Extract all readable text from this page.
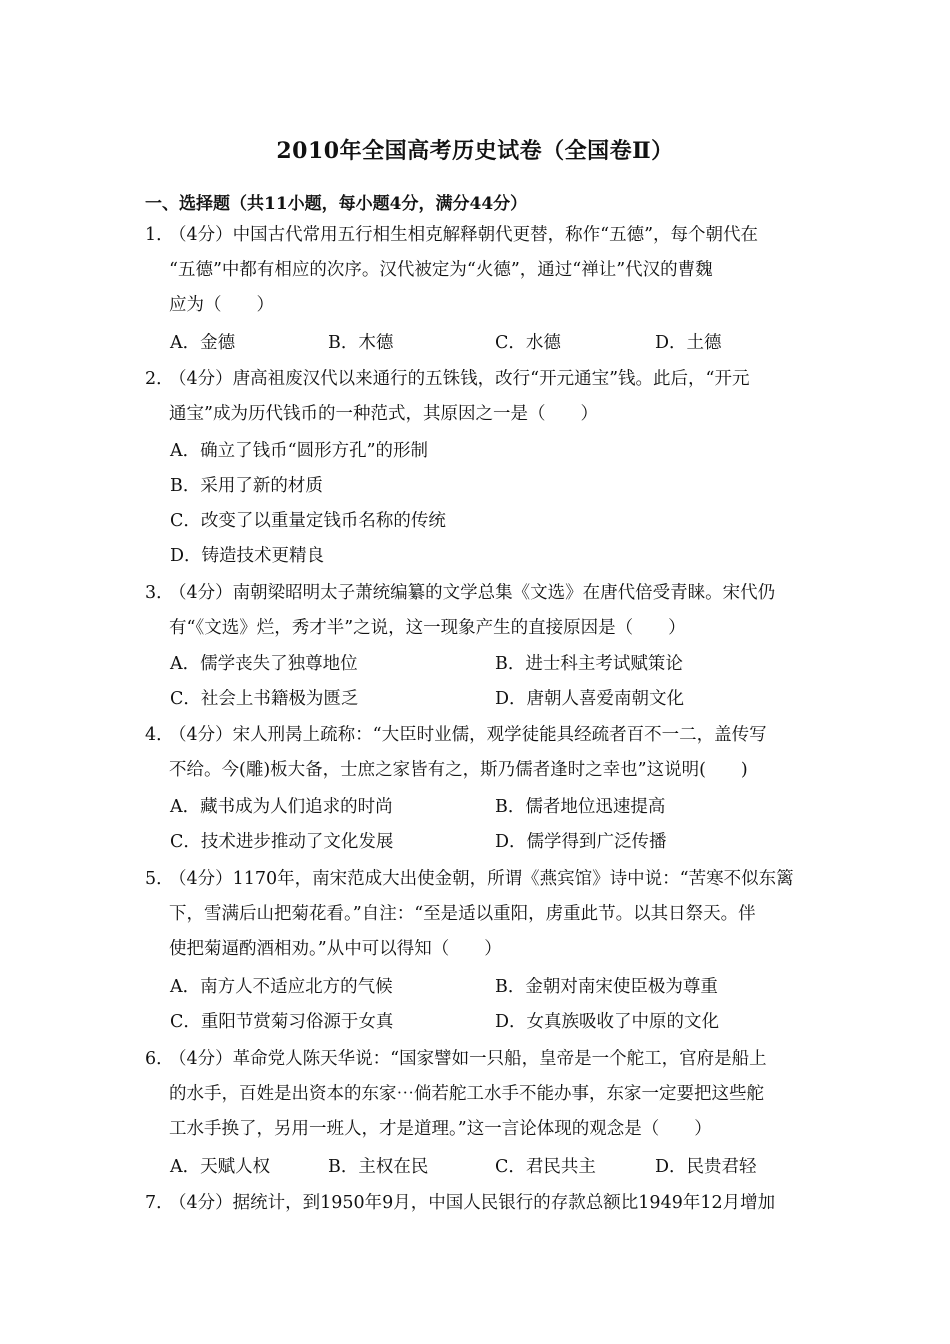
2010年全国高考历史试卷（全国卷Ⅱ）
一、选择题（共11小题，每小题4分，满分44分）
1．
（4分）中国古代常用五行相生相克解释朝代更替，称作“五德”，每个朝代在
“五德”中都有相应的次序。汉代被定为“火德”，通过“禅让”代汉的曹魏
应为（　　）
A．金德	B．木德	C．水德	D．土德
2．
（4分）唐高祖废汉代以来通行的五铢钱，改行“开元通宝”钱。此后，“开元
通宝”成为历代钱币的一种范式，其原因之一是（　　）
A．确立了钱币“圆形方孔”的形制
B．采用了新的材质
C．改变了以重量定钱币名称的传统
D．铸造技术更精良
3．
（4分）南朝梁昭明太子萧统编纂的文学总集《文选》在唐代倍受青睐。宋代仍
有“《文选》烂，秀才半”之说，这一现象产生的直接原因是（　　）
A．儒学丧失了独尊地位	B．进士科主考试赋策论
C．社会上书籍极为匮乏	D．唐朝人喜爱南朝文化
4．
（4分）宋人刑昺上疏称：“大臣时业儒，观学徒能具经疏者百不一二，盖传写
不给。今(雕)板大备，士庶之家皆有之，斯乃儒者逢时之幸也”这说明(　　)
A．藏书成为人们追求的时尚	B．儒者地位迅速提高
C．技术进步推动了文化发展	D．儒学得到广泛传播
5．
（4分）1170年，南宋范成大出使金朝，所谓《燕宾馆》诗中说：“苦寒不似东篱
下，雪满后山把菊花看。”自注：“至是适以重阳，虏重此节。以其日祭天。伴
使把菊逼酌酒相劝。”从中可以得知（　　）
A．南方人不适应北方的气候	B．金朝对南宋使臣极为尊重
C．重阳节赏菊习俗源于女真	D．女真族吸收了中原的文化
6．
（4分）革命党人陈天华说：“国家譬如一只船，皇帝是一个舵工，官府是船上
的水手，百姓是出资本的东家⋯倘若舵工水手不能办事，东家一定要把这些舵
工水手换了，另用一班人，才是道理。”这一言论体现的观念是（　　）
A．天赋人权	B．主权在民	C．君民共主	D．民贵君轻
7．
（4分）据统计，到1950年9月，中国人民银行的存款总额比1949年12月增加
